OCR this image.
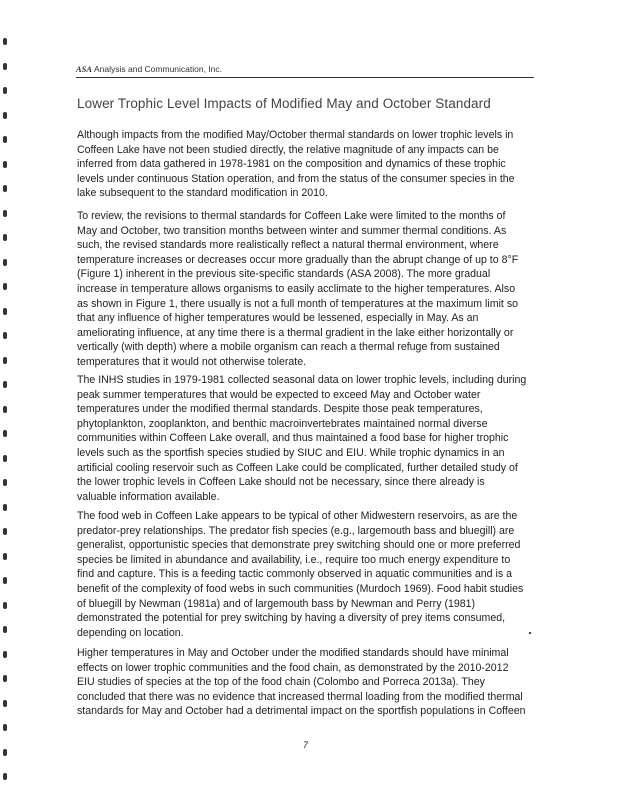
ASA Analysis and Communication, Inc.
Lower Trophic Level Impacts of Modified May and October Standard
Although impacts from the modified May/October thermal standards on lower trophic levels in
Coffeen Lake have not been studied directly, the relative magnitude of any impacts can be
inferred from data gathered in 1978-1981 on the composition and dynamics of these trophic
levels under continuous Station operation, and from the status of the consumer species in the
lake subsequent to the standard modification in 2010.
To review, the revisions to thermal standards for Coffeen Lake were limited to the months of
May and October, two transition months between winter and summer thermal conditions. As
such, the revised standards more realistically reflect a natural thermal environment, where
temperature increases or decreases occur more gradually than the abrupt change of up to 8°F
(Figure 1) inherent in the previous site-specific standards (ASA 2008). The more gradual
increase in temperature allows organisms to easily acclimate to the higher temperatures. Also
as shown in Figure 1, there usually is not a full month of temperatures at the maximum limit so
that any influence of higher temperatures would be lessened, especially in May. As an
ameliorating influence, at any time there is a thermal gradient in the lake either horizontally or
vertically (with depth) where a mobile organism can reach a thermal refuge from sustained
temperatures that it would not otherwise tolerate.
The INHS studies in 1979-1981 collected seasonal data on lower trophic levels, including during
peak summer temperatures that would be expected to exceed May and October water
temperatures under the modified thermal standards. Despite those peak temperatures,
phytoplankton, zooplankton, and benthic macroinvertebrates maintained normal diverse
communities within Coffeen Lake overall, and thus maintained a food base for higher trophic
levels such as the sportfish species studied by SIUC and EIU. While trophic dynamics in an
artificial cooling reservoir such as Coffeen Lake could be complicated, further detailed study of
the lower trophic levels in Coffeen Lake should not be necessary, since there already is
valuable information available.
The food web in Coffeen Lake appears to be typical of other Midwestern reservoirs, as are the
predator-prey relationships. The predator fish species (e.g., largemouth bass and bluegill) are
generalist, opportunistic species that demonstrate prey switching should one or more preferred
species be limited in abundance and availability, i.e., require too much energy expenditure to
find and capture. This is a feeding tactic commonly observed in aquatic communities and is a
benefit of the complexity of food webs in such communities (Murdoch 1969). Food habit studies
of bluegill by Newman (1981a) and of largemouth bass by Newman and Perry (1981)
demonstrated the potential for prey switching by having a diversity of prey items consumed,
depending on location.
Higher temperatures in May and October under the modified standards should have minimal
effects on lower trophic communities and the food chain, as demonstrated by the 2010-2012
EIU studies of species at the top of the food chain (Colombo and Porreca 2013a). They
concluded that there was no evidence that increased thermal loading from the modified thermal
standards for May and October had a detrimental impact on the sportfish populations in Coffeen
7
